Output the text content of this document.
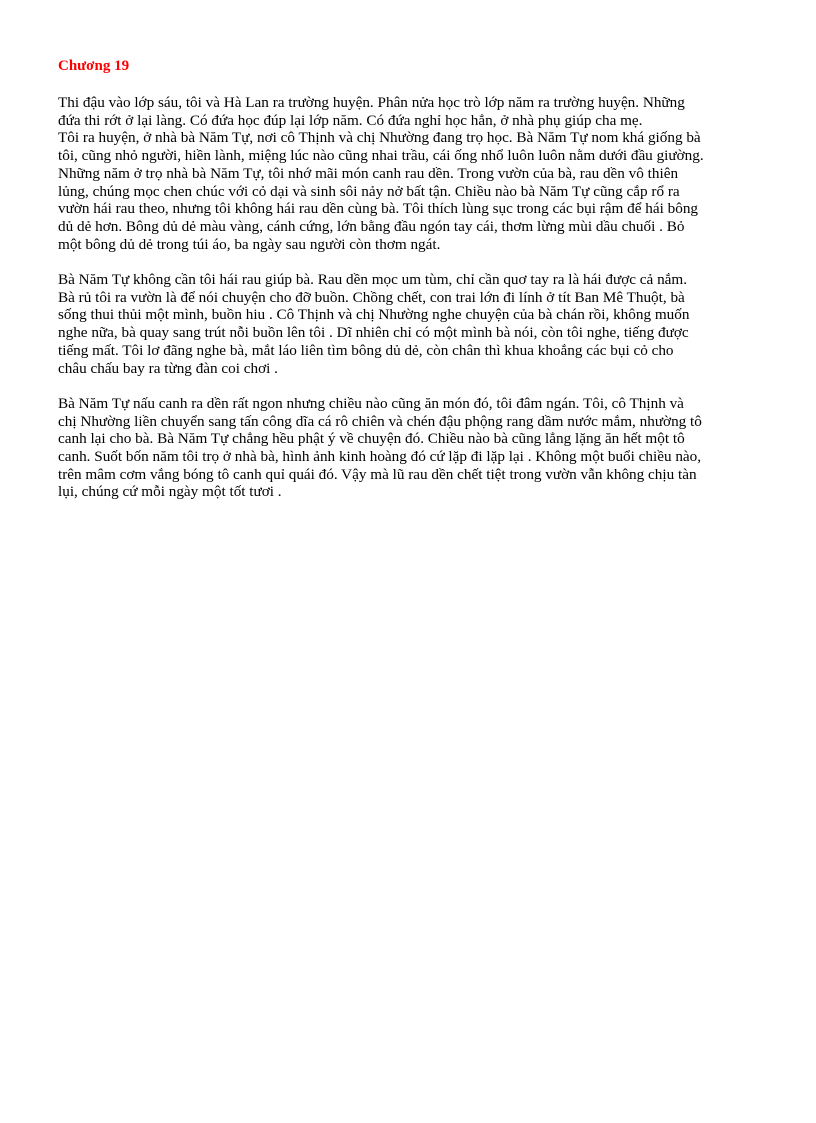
Chương 19

Thi đậu vào lớp sáu, tôi và Hà Lan ra trường huyện. Phân nửa học trò lớp năm ra trường huyện. Những
đứa thi rớt ở lại làng. Có đứa học đúp lại lớp năm. Có đứa nghỉ học hẳn, ở nhà phụ giúp cha mẹ.
Tôi ra huyện, ở nhà bà Năm Tự, nơi cô Thịnh và chị Nhường đang trọ học. Bà Năm Tự nom khá giống bà
tôi, cũng nhỏ người, hiền lành, miệng lúc nào cũng nhai trầu, cái ống nhổ luôn luôn nằm dưới đầu giường.
Những năm ở trọ nhà bà Năm Tự, tôi nhớ mãi món canh rau dền. Trong vườn của bà, rau dền vô thiên
lủng, chúng mọc chen chúc với cỏ dại và sinh sôi nảy nở bất tận. Chiều nào bà Năm Tự cũng cắp rổ ra
vườn hái rau theo, nhưng tôi không hái rau dền cùng bà. Tôi thích lùng sục trong các bụi rậm để hái bông
dủ dẻ hơn. Bông dủ dẻ màu vàng, cánh cứng, lớn bằng đầu ngón tay cái, thơm lừng mùi dầu chuối . Bỏ
một bông dủ dẻ trong túi áo, ba ngày sau người còn thơm ngát.

Bà Năm Tự không cần tôi hái rau giúp bà. Rau dền mọc um tùm, chỉ cần quơ tay ra là hái được cả nắm.
Bà rủ tôi ra vườn là để nói chuyện cho đỡ buồn. Chồng chết, con trai lớn đi lính ở tít Ban Mê Thuột, bà
sống thui thủi một mình, buồn hiu . Cô Thịnh và chị Nhường nghe chuyện của bà chán rồi, không muốn
nghe nữa, bà quay sang trút nỗi buồn lên tôi . Dĩ nhiên chỉ có một mình bà nói, còn tôi nghe, tiếng được
tiếng mất. Tôi lơ đãng nghe bà, mắt láo liên tìm bông dủ dẻ, còn chân thì khua khoắng các bụi cỏ cho
châu chấu bay ra từng đàn coi chơi .

Bà Năm Tự nấu canh ra dền rất ngon nhưng chiều nào cũng ăn món đó, tôi đâm ngán. Tôi, cô Thịnh và
chị Nhường liền chuyển sang tấn công dĩa cá rô chiên và chén đậu phộng rang dầm nước mắm, nhường tô
canh lại cho bà. Bà Năm Tự chẳng hều phật ý về chuyện đó. Chiều nào bà cũng lẳng lặng ăn hết một tô
canh. Suốt bốn năm tôi trọ ở nhà bà, hình ảnh kinh hoàng đó cứ lặp đi lặp lại . Không một buổi chiều nào,
trên mâm cơm vắng bóng tô canh quỉ quái đó. Vậy mà lũ rau dền chết tiệt trong vườn vẫn không chịu tàn
lụi, chúng cứ mỗi ngày một tốt tươi .
